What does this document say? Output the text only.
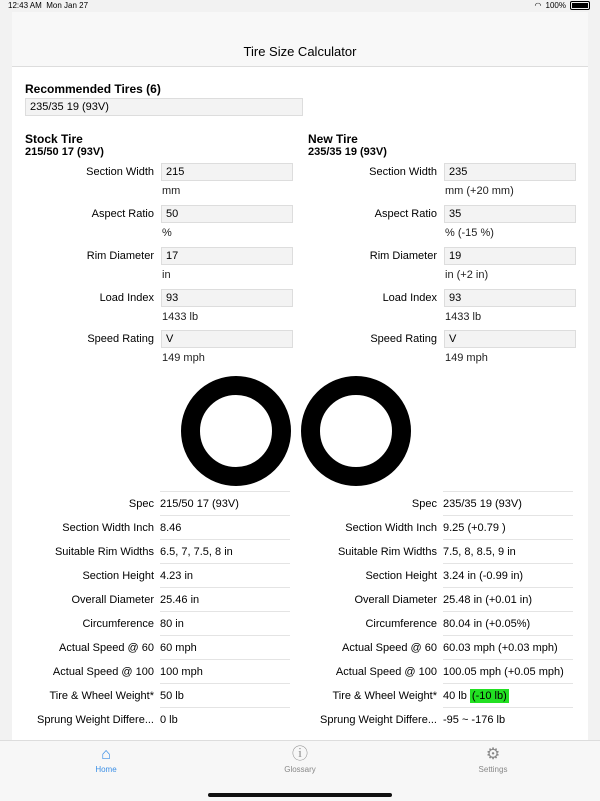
12:43 AM Mon Jan 27	◠ 100%
Tire Size Calculator
Recommended Tires (6)
235/35 19 (93V)
Stock Tire
215/50 17 (93V)
New Tire
235/35 19 (93V)
Section Width	215
mm
Aspect Ratio	50
%
Rim Diameter	17
in
Load Index	93
1433 lb
Speed Rating	V
149 mph
Section Width	235
mm (+20 mm)
Aspect Ratio	35
% (-15 %)
Rim Diameter	19
in (+2 in)
Load Index	93
1433 lb
Speed Rating	V
149 mph
Spec 215/50 17 (93V)
Section Width Inch 8.46
Suitable Rim Widths 6.5, 7, 7.5, 8 in
Section Height 4.23 in
Overall Diameter 25.46 in
Circumference 80 in
Actual Speed @ 60 60 mph
Actual Speed @ 100 100 mph
Tire & Wheel Weight* 50 lb
Sprung Weight Differe... 0 lb
Spec 235/35 19 (93V)
Section Width Inch 9.25 (+0.79 )
Suitable Rim Widths 7.5, 8, 8.5, 9 in
Section Height 3.24 in (-0.99 in)
Overall Diameter 25.48 in (+0.01 in)
Circumference 80.04 in (+0.05%)
Actual Speed @ 60 60.03 mph (+0.03 mph)
Actual Speed @ 100 100.05 mph (+0.05 mph)
Tire & Wheel Weight* 40 lb (-10 lb)
Sprung Weight Differe... -95 ~ -176 lb
⌂
Home
ⓘ
Glossary
⚙
Settings
